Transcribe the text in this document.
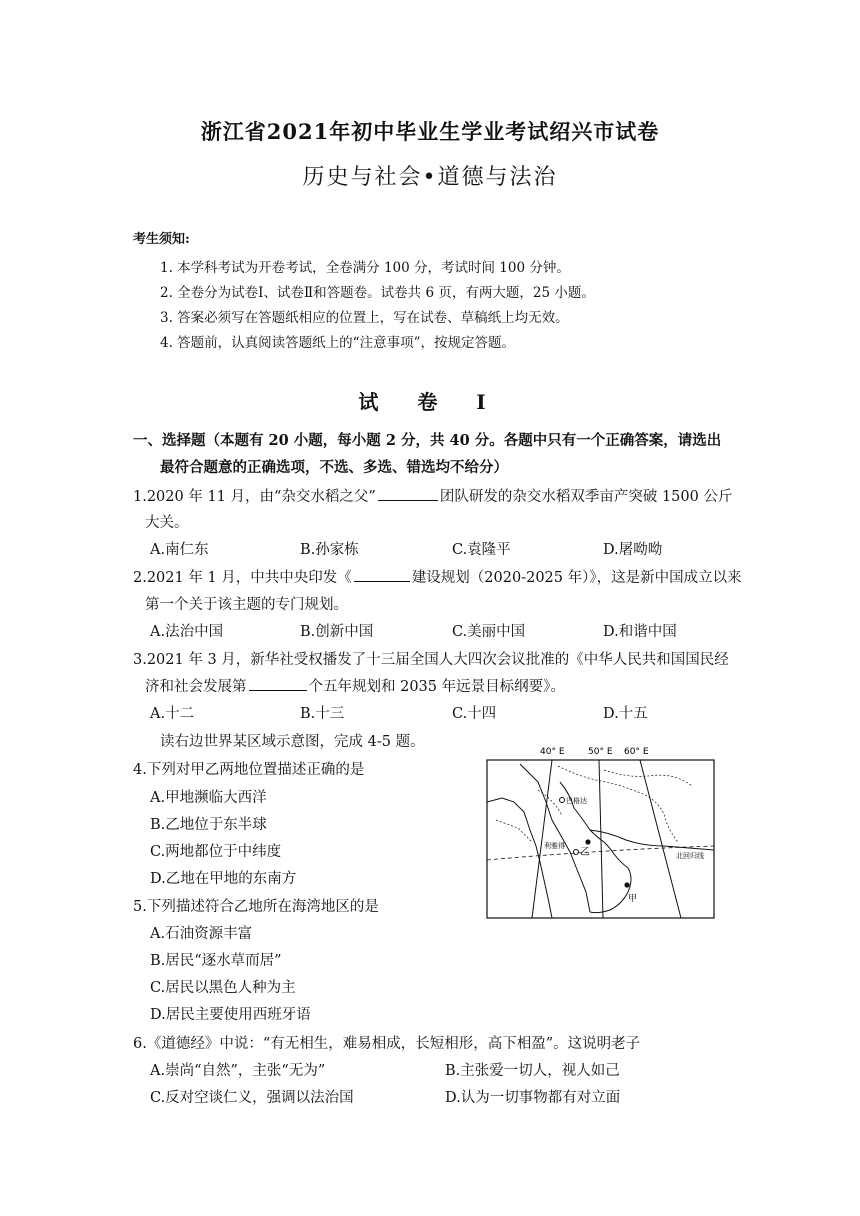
浙江省2021年初中毕业生学业考试绍兴市试卷
历史与社会•道德与法治
考生须知:
1. 本学科考试为开卷考试，全卷满分 100 分，考试时间 100 分钟。
2. 全卷分为试卷Ⅰ、试卷Ⅱ和答题卷。试卷共 6 页，有两大题，25 小题。
3. 答案必须写在答题纸相应的位置上，写在试卷、草稿纸上均无效。
4. 答题前，认真阅读答题纸上的“注意事项”，按规定答题。
试 卷 Ⅰ
一、选择题（本题有 20 小题，每小题 2 分，共 40 分。各题中只有一个正确答案，请选出
最符合题意的正确选项，不选、多选、错选均不给分）
1.2020 年 11 月，由“杂交水稻之父”	团队研发的杂交水稻双季亩产突破 1500 公斤
大关。
A.南仁东	B.孙家栋	C.袁隆平	D.屠呦呦
2.2021 年 1 月，中共中央印发《	建设规划（2020-2025 年）》，这是新中国成立以来
第一个关于该主题的专门规划。
A.法治中国	B.创新中国	C.美丽中国	D.和谐中国
3.2021 年 3 月，新华社受权播发了十三届全国人大四次会议批准的《中华人民共和国国民经
济和社会发展第	个五年规划和 2035 年远景目标纲要》。
A.十二	B.十三	C.十四	D.十五
读右边世界某区域示意图，完成 4-5 题。
4.下列对甲乙两地位置描述正确的是
A.甲地濒临大西洋
B.乙地位于东半球
C.两地都位于中纬度
D.乙地在甲地的东南方
5.下列描述符合乙地所在海湾地区的是
A.石油资源丰富
B.居民“逐水草而居”
C.居民以黑色人种为主
D.居民主要使用西班牙语
6.《道德经》中说：“有无相生，难易相成，长短相形，高下相盈”。这说明老子
A.崇尚“自然”，主张“无为”	B.主张爱一切人，视人如己
C.反对空谈仁义，强调以法治国	D.认为一切事物都有对立面
40° E	50° E 60° E
巴格达
利雅得
乙
甲
北回归线
